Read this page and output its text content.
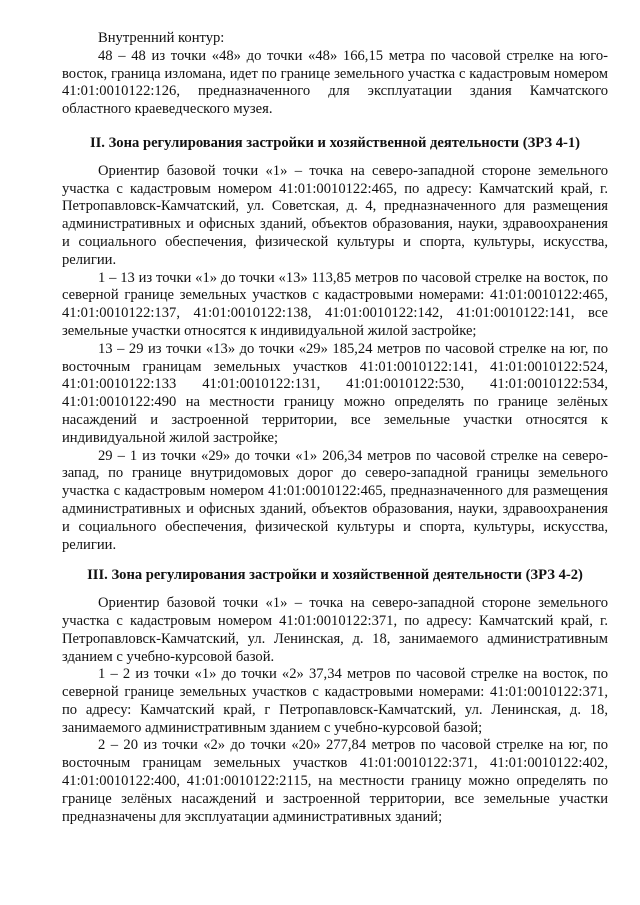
Внутренний контур:

48 – 48 из точки «48» до точки «48» 166,15 метра по часовой стрелке на юго-восток, граница изломана, идет по границе земельного участка с кадастровым номером 41:01:0010122:126, предназначенного для эксплуатации здания Камчатского областного краеведческого музея.

II. Зона регулирования застройки и хозяйственной деятельности (ЗРЗ 4-1)

Ориентир базовой точки «1» – точка на северо-западной стороне земельного участка с кадастровым номером 41:01:0010122:465, по адресу: Камчатский край, г. Петропавловск-Камчатский, ул. Советская, д. 4, предназначенного для размещения административных и офисных зданий, объектов образования, науки, здравоохранения и социального обеспечения, физической культуры и спорта, культуры, искусства, религии.

1 – 13 из точки «1» до точки «13» 113,85 метров по часовой стрелке на восток, по северной границе земельных участков с кадастровыми номерами: 41:01:0010122:465, 41:01:0010122:137, 41:01:0010122:138, 41:01:0010122:142, 41:01:0010122:141, все земельные участки относятся к индивидуальной жилой застройке;

13 – 29 из точки «13» до точки «29» 185,24 метров по часовой стрелке на юг, по восточным границам земельных участков 41:01:0010122:141, 41:01:0010122:524, 41:01:0010122:133 41:01:0010122:131, 41:01:0010122:530, 41:01:0010122:534, 41:01:0010122:490 на местности границу можно определять по границе зелёных насаждений и застроенной территории, все земельные участки относятся к индивидуальной жилой застройке;

29 – 1 из точки «29» до точки «1» 206,34 метров по часовой стрелке на северо-запад, по границе внутридомовых дорог до северо-западной границы земельного участка с кадастровым номером 41:01:0010122:465, предназначенного для размещения административных и офисных зданий, объектов образования, науки, здравоохранения и социального обеспечения, физической культуры и спорта, культуры, искусства, религии.

III. Зона регулирования застройки и хозяйственной деятельности (ЗРЗ 4-2)

Ориентир базовой точки «1» – точка на северо-западной стороне земельного участка с кадастровым номером 41:01:0010122:371, по адресу: Камчатский край, г. Петропавловск-Камчатский, ул. Ленинская, д. 18, занимаемого административным зданием с учебно-курсовой базой.

1 – 2 из точки «1» до точки «2» 37,34 метров по часовой стрелке на восток, по северной границе земельных участков с кадастровыми номерами: 41:01:0010122:371, по адресу: Камчатский край, г Петропавловск-Камчатский, ул. Ленинская, д. 18, занимаемого административным зданием с учебно-курсовой базой;

2 – 20 из точки «2» до точки «20» 277,84 метров по часовой стрелке на юг, по восточным границам земельных участков 41:01:0010122:371, 41:01:0010122:402, 41:01:0010122:400, 41:01:0010122:2115, на местности границу можно определять по границе зелёных насаждений и застроенной территории, все земельные участки предназначены для эксплуатации административных зданий;
